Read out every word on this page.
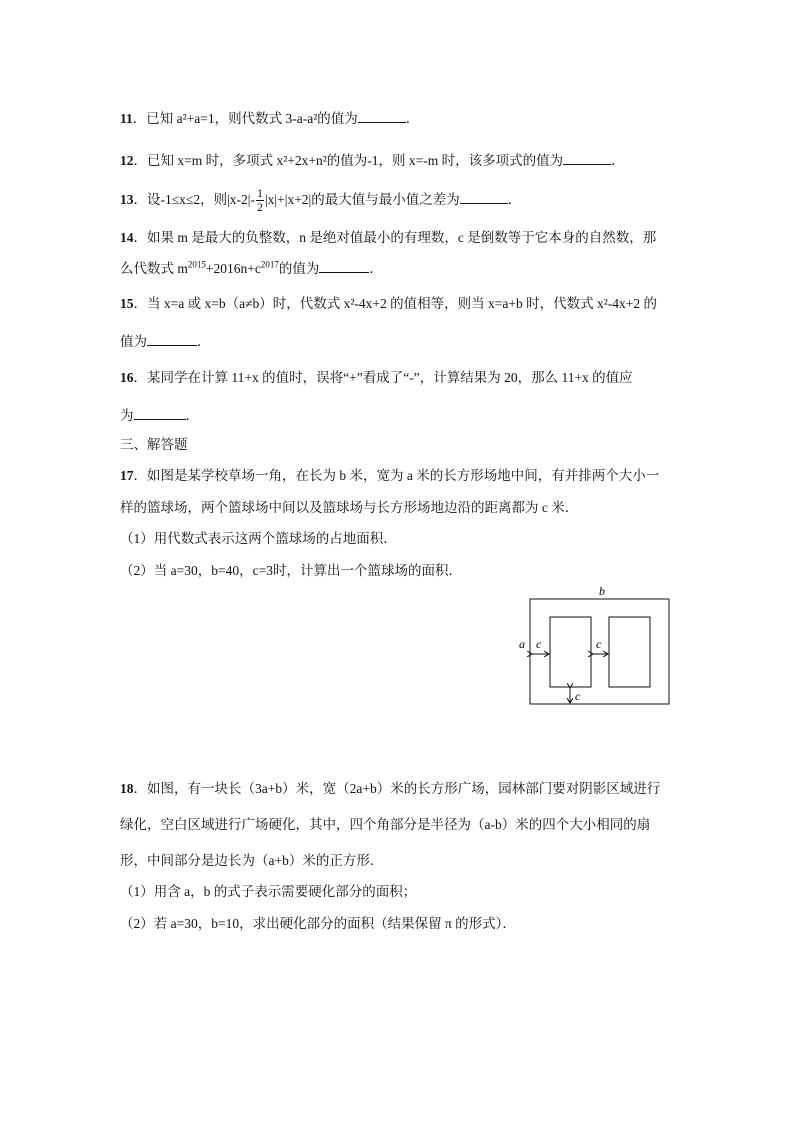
11．已知 a²+a=1，则代数式 3-a-a²的值为	．
12．已知 x=m 时，多项式 x²+2x+n²的值为-1，则 x=-m 时，该多项式的值为	．
13．设-1≤x≤2，则$|x-2|- \frac{1}{2} |x|+|x+2|$的最大值与最小值之差为	．
14．如果 m 是最大的负整数，n 是绝对值最小的有理数，c 是倒数等于它本身的自然数，那
么代数式 $m^{2015}+2016n+c^{2017}$的值为	．
15．当 x=a 或 x=b（a≠b）时，代数式 x²-4x+2 的值相等，则当 x=a+b 时，代数式 x²-4x+2 的
值为	．
16．某同学在计算 11+x 的值时，误将“+”看成了“-”，计算结果为 20，那么 11+x 的值应
为	．
三、解答题
17．如图是某学校草场一角，在长为 b 米，宽为 a 米的长方形场地中间，有并排两个大小一
样的篮球场，两个篮球场中间以及篮球场与长方形场地边沿的距离都为 c 米．
（1）用代数式表示这两个篮球场的占地面积．
（2）当 a=30，b=40，c=3时，计算出一个篮球场的面积．
b
a c	c
c
18．如图，有一块长（3a+b）米，宽（2a+b）米的长方形广场，园林部门要对阴影区域进行
绿化，空白区域进行广场硬化，其中，四个角部分是半径为（a-b）米的四个大小相同的扇
形，中间部分是边长为（a+b）米的正方形．
（1）用含 a，b 的式子表示需要硬化部分的面积；
（2）若 a=30，b=10，求出硬化部分的面积（结果保留 π 的形式）．
